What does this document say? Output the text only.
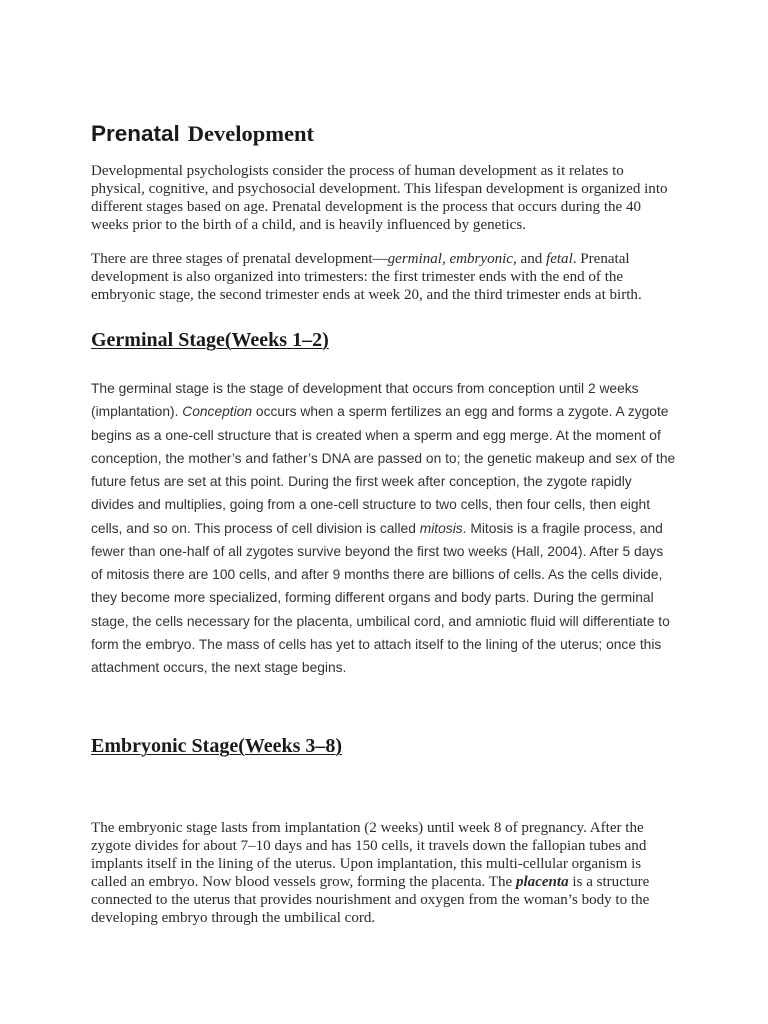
Prenatal Development

Developmental psychologists consider the process of human development as it relates to physical, cognitive, and psychosocial development. This lifespan development is organized into different stages based on age. Prenatal development is the process that occurs during the 40 weeks prior to the birth of a child, and is heavily influenced by genetics.

There are three stages of prenatal development—germinal, embryonic, and fetal. Prenatal development is also organized into trimesters: the first trimester ends with the end of the embryonic stage, the second trimester ends at week 20, and the third trimester ends at birth.

Germinal Stage(Weeks 1–2)

The germinal stage is the stage of development that occurs from conception until 2 weeks (implantation). Conception occurs when a sperm fertilizes an egg and forms a zygote. A zygote begins as a one-cell structure that is created when a sperm and egg merge. At the moment of conception, the mother’s and father’s DNA are passed on to; the genetic makeup and sex of the future fetus are set at this point. During the first week after conception, the zygote rapidly divides and multiplies, going from a one-cell structure to two cells, then four cells, then eight cells, and so on. This process of cell division is called mitosis. Mitosis is a fragile process, and fewer than one-half of all zygotes survive beyond the first two weeks (Hall, 2004). After 5 days of mitosis there are 100 cells, and after 9 months there are billions of cells. As the cells divide, they become more specialized, forming different organs and body parts. During the germinal stage, the cells necessary for the placenta, umbilical cord, and amniotic fluid will differentiate to form the embryo. The mass of cells has yet to attach itself to the lining of the uterus; once this attachment occurs, the next stage begins.

Embryonic Stage(Weeks 3–8)

The embryonic stage lasts from implantation (2 weeks) until week 8 of pregnancy. After the zygote divides for about 7–10 days and has 150 cells, it travels down the fallopian tubes and implants itself in the lining of the uterus. Upon implantation, this multi-cellular organism is called an embryo. Now blood vessels grow, forming the placenta. The placenta is a structure connected to the uterus that provides nourishment and oxygen from the woman’s body to the developing embryo through the umbilical cord.
